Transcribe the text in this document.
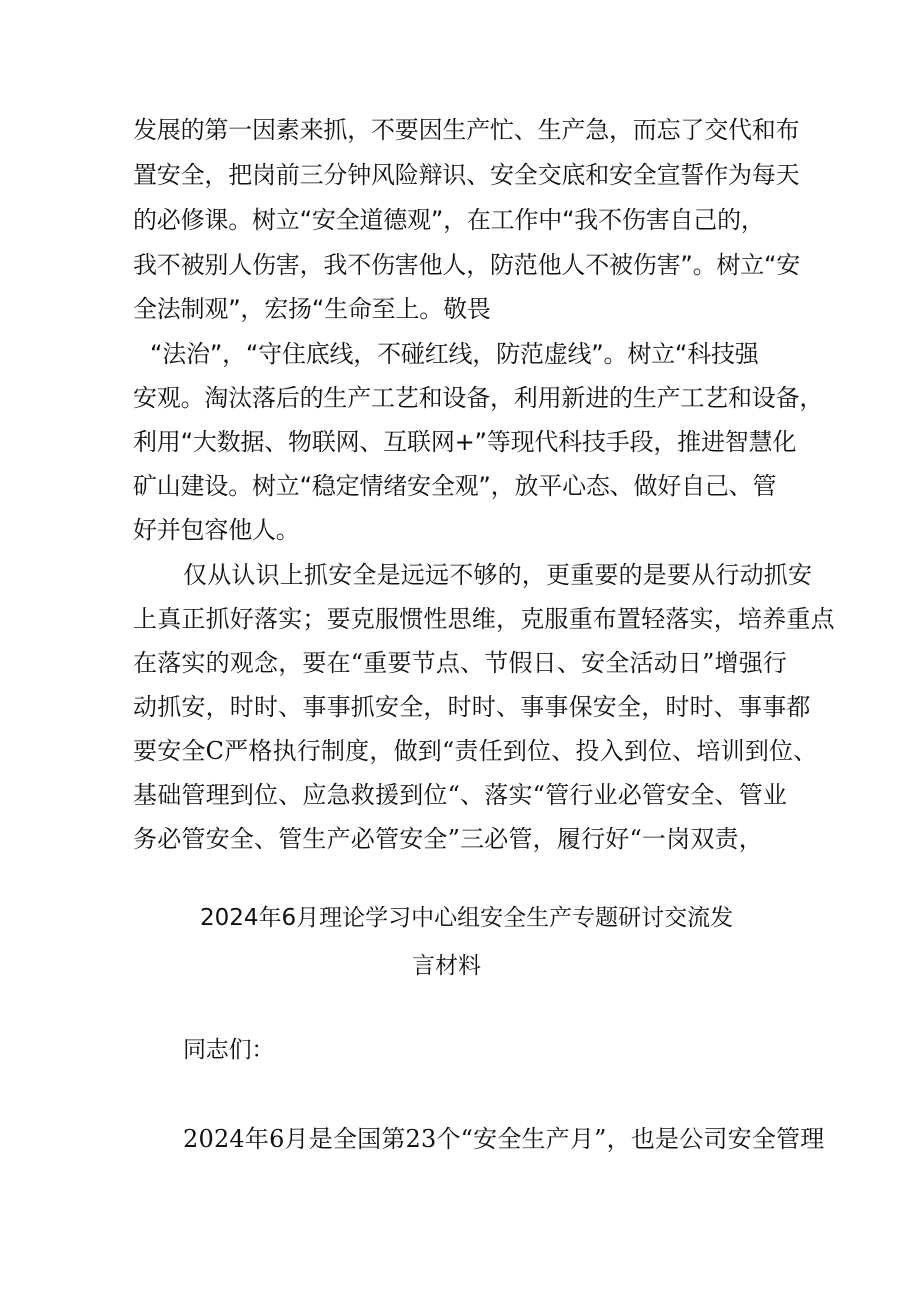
发展的第一因素来抓，不要因生产忙、生产急，而忘了交代和布
置安全，把岗前三分钟风险辩识、安全交底和安全宣誓作为每天
的必修课。树立“安全道德观”，在工作中“我不伤害自己的，
我不被别人伤害，我不伤害他人，防范他人不被伤害”。树立“安
全法制观”，宏扬“生命至上。敬畏
“法治”，“守住底线，不碰红线，防范虚线”。树立“科技强
安观。淘汰落后的生产工艺和设备，利用新进的生产工艺和设备，
利用“大数据、物联网、互联网+”等现代科技手段，推进智慧化
矿山建设。树立“稳定情绪安全观”，放平心态、做好自己、管
好并包容他人。
仅从认识上抓安全是远远不够的，更重要的是要从行动抓安
上真正抓好落实；要克服惯性思维，克服重布置轻落实，培养重点
在落实的观念，要在“重要节点、节假日、安全活动日”增强行
动抓安，时时、事事抓安全，时时、事事保安全，时时、事事都
要安全C严格执行制度，做到“责任到位、投入到位、培训到位、
基础管理到位、应急救援到位“、落实“管行业必管安全、管业
务必管安全、管生产必管安全”三必管，履行好“一岗双责，
2024年6月理论学习中心组安全生产专题研讨交流发
言材料
同志们：
2024年6月是全国第23个“安全生产月”，也是公司安全管理
